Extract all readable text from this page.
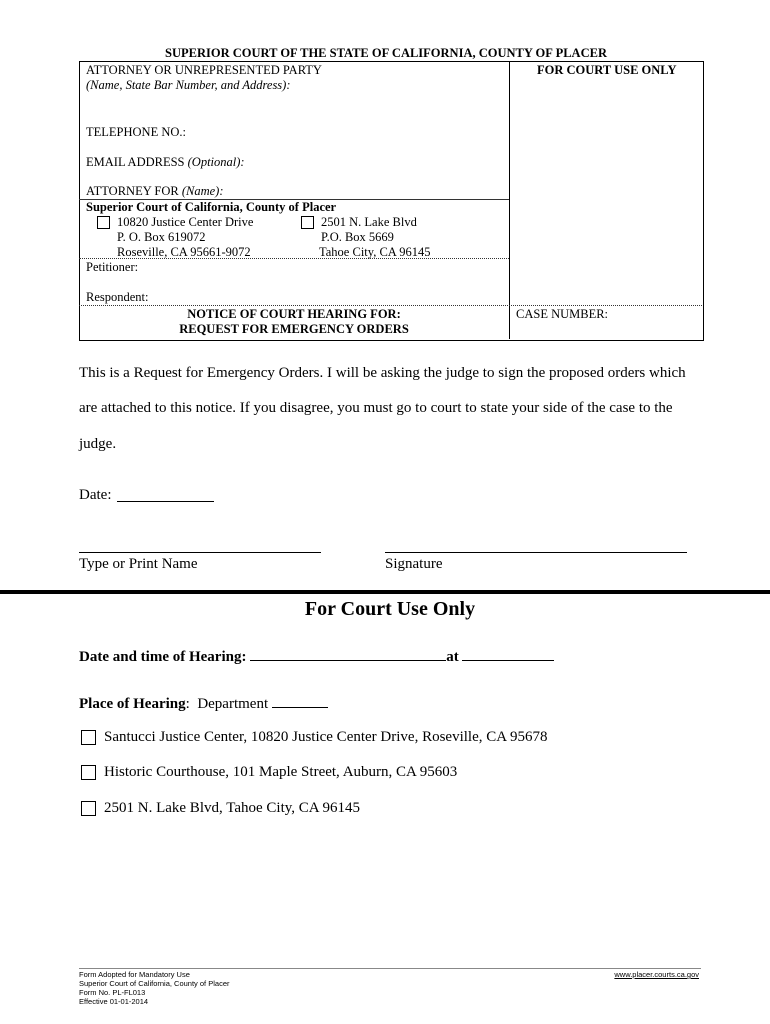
SUPERIOR COURT OF THE STATE OF CALIFORNIA, COUNTY OF PLACER
ATTORNEY OR UNREPRESENTED PARTY
(Name, State Bar Number, and Address):
FOR COURT USE ONLY
TELEPHONE NO.:
EMAIL ADDRESS (Optional):
ATTORNEY FOR (Name):
Superior Court of California, County of Placer
10820 Justice Center Drive
P. O. Box 619072
Roseville, CA 95661-9072
2501 N. Lake Blvd
P.O. Box 5669
Tahoe City, CA 96145
Petitioner:
Respondent:
NOTICE OF COURT HEARING FOR:
REQUEST FOR EMERGENCY ORDERS
CASE NUMBER:
This is a Request for Emergency Orders. I will be asking the judge to sign the proposed orders which
are attached to this notice. If you disagree, you must go to court to state your side of the case to the
judge.
Date:
Type or Print Name	Signature
For Court Use Only
Date and time of Hearing:	at
Place of Hearing:  Department
Santucci Justice Center, 10820 Justice Center Drive, Roseville, CA 95678
Historic Courthouse, 101 Maple Street, Auburn, CA 95603
2501 N. Lake Blvd, Tahoe City, CA 96145
Form Adopted for Mandatory Use
Superior Court of California, County of Placer
Form No. PL-FL013
Effective 01-01-2014
www.placer.courts.ca.gov
